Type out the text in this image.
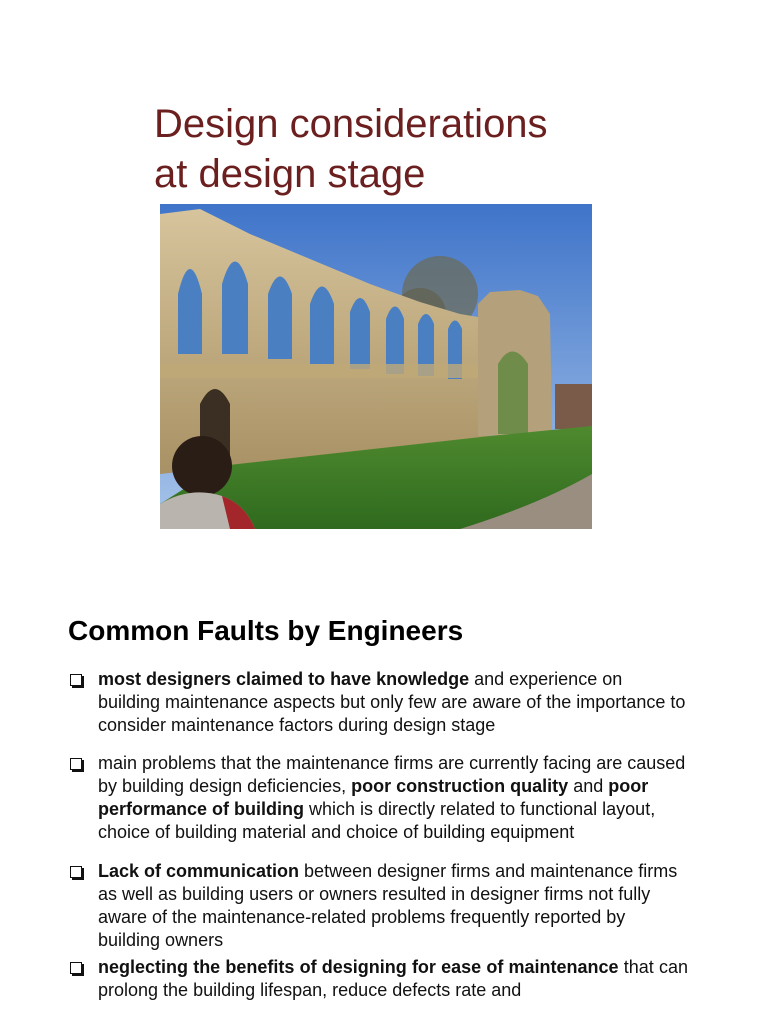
Design considerations
at design stage
Common Faults by Engineers
most designers claimed to have knowledge and experience on building maintenance aspects but only few are aware of the importance to consider maintenance factors during design stage
main problems that the maintenance firms are currently facing are caused by building design deficiencies, poor construction quality and poor performance of building which is directly related to functional layout, choice of building material and choice of building equipment
Lack of communication between designer firms and maintenance firms as well as building users or owners resulted in designer firms not fully aware of the maintenance-related problems frequently reported by building owners
neglecting the benefits of designing for ease of maintenance that can prolong the building lifespan, reduce defects rate and
